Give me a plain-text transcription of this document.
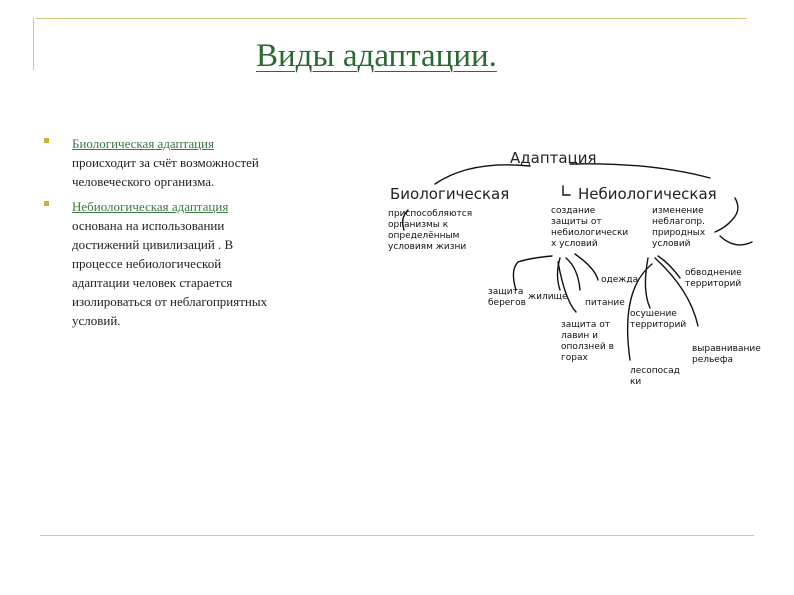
Виды адаптации.
Биологическая адаптация
происходит за счёт возможностей
человеческого организма.
Небиологическая адаптация
основана на использовании
достижений цивилизаций . В
процессе небиологической
адаптации человек старается
изолироваться от неблагоприятных
условий.
Адаптация
Биологическая	Небиологическая
приспособляются
организмы к
определённым
условиям жизни
создание
защиты от
небиологически
х условий
изменение
неблагопр.
природных
условий
защита
берегов
жилище
одежда
питание
защита от
лавин и
оползней в
горах
обводнение
территорий
осушение
территорий
выравнивание
рельефа
лесопосад
ки
